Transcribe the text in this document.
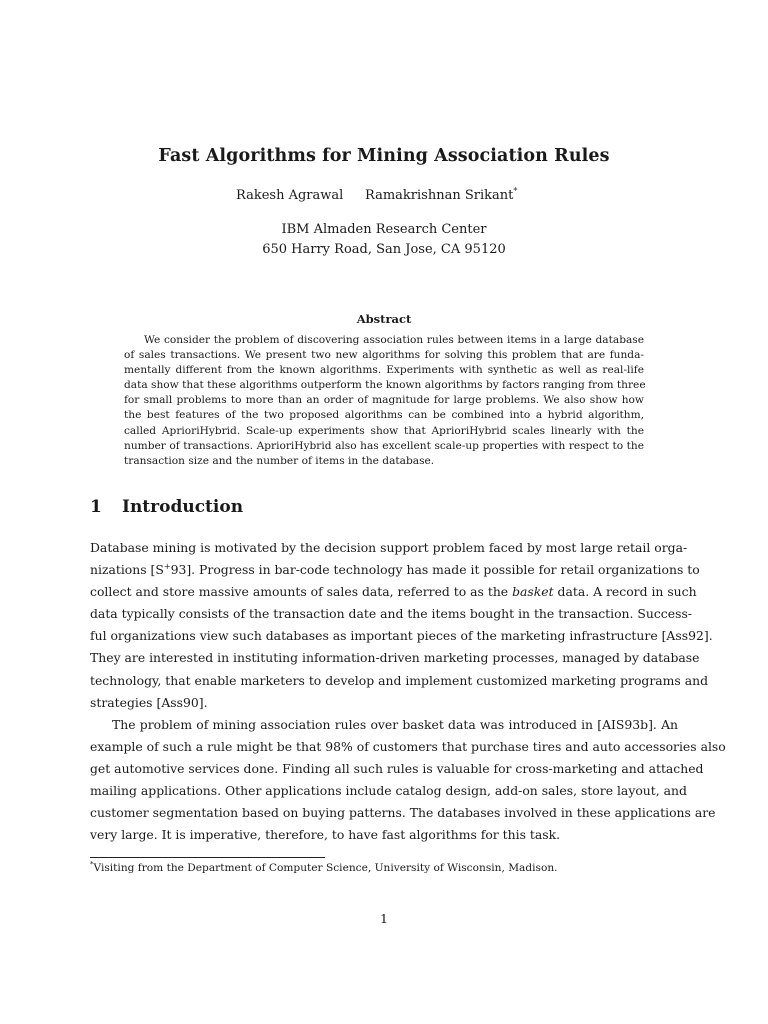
Fast Algorithms for Mining Association Rules
Rakesh Agrawal Ramakrishnan Srikant*
IBM Almaden Research Center
650 Harry Road, San Jose, CA 95120
Abstract
We consider the problem of discovering association rules between items in a large database
of sales transactions. We present two new algorithms for solving this problem that are funda-
mentally different from the known algorithms. Experiments with synthetic as well as real-life
data show that these algorithms outperform the known algorithms by factors ranging from three
for small problems to more than an order of magnitude for large problems. We also show how
the best features of the two proposed algorithms can be combined into a hybrid algorithm,
called AprioriHybrid. Scale-up experiments show that AprioriHybrid scales linearly with the
number of transactions. AprioriHybrid also has excellent scale-up properties with respect to the
transaction size and the number of items in the database.
1 Introduction
Database mining is motivated by the decision support problem faced by most large retail orga-
nizations [S+93]. Progress in bar-code technology has made it possible for retail organizations to
collect and store massive amounts of sales data, referred to as the basket data. A record in such
data typically consists of the transaction date and the items bought in the transaction. Success-
ful organizations view such databases as important pieces of the marketing infrastructure [Ass92].
They are interested in instituting information-driven marketing processes, managed by database
technology, that enable marketers to develop and implement customized marketing programs and
strategies [Ass90].
The problem of mining association rules over basket data was introduced in [AIS93b]. An
example of such a rule might be that 98% of customers that purchase tires and auto accessories also
get automotive services done. Finding all such rules is valuable for cross-marketing and attached
mailing applications. Other applications include catalog design, add-on sales, store layout, and
customer segmentation based on buying patterns. The databases involved in these applications are
very large. It is imperative, therefore, to have fast algorithms for this task.
*Visiting from the Department of Computer Science, University of Wisconsin, Madison.
1
